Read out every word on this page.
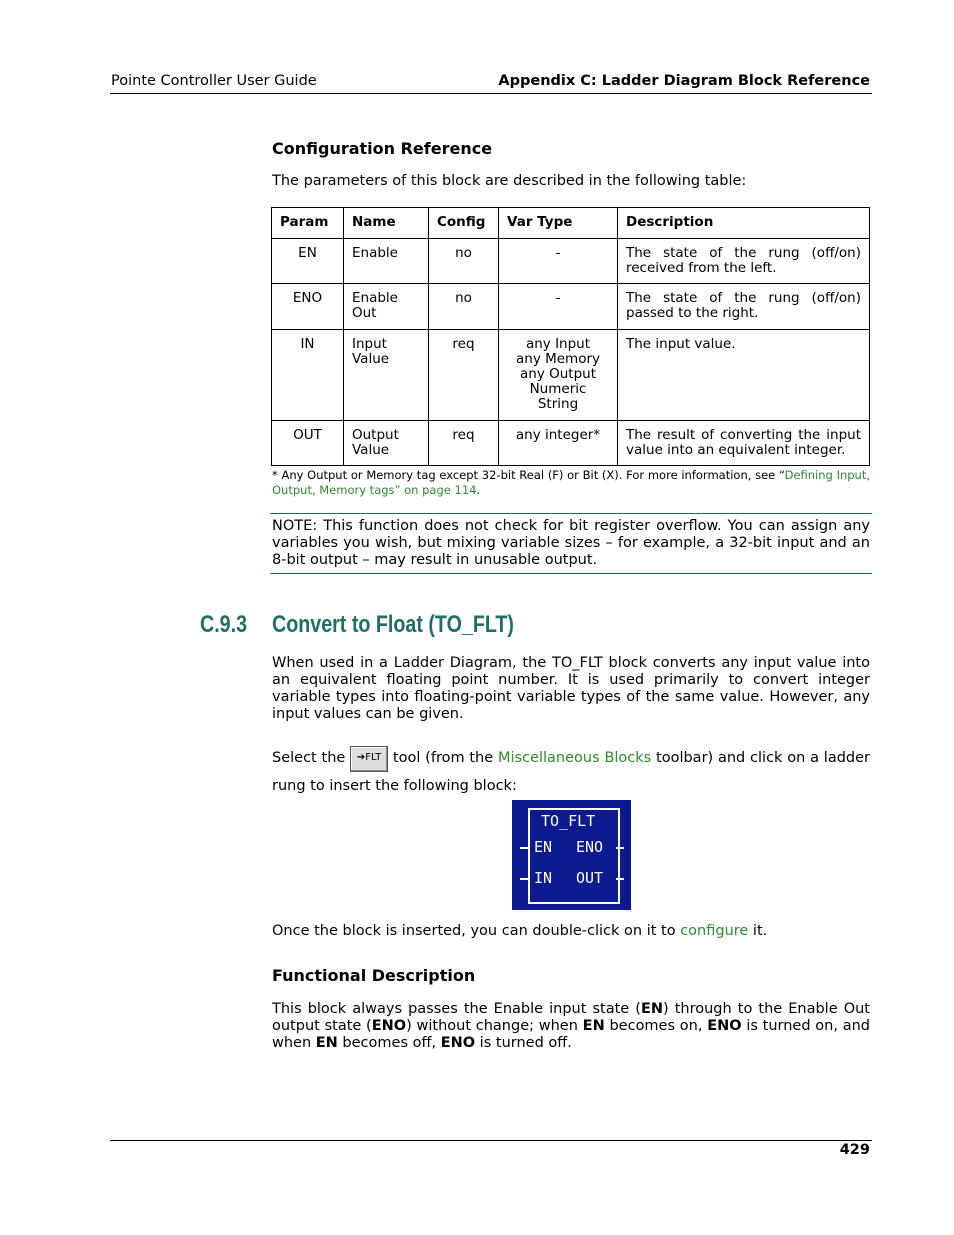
Pointe Controller User Guide	Appendix C: Ladder Diagram Block Reference
Configuration Reference
The parameters of this block are described in the following table:
Param	Name	Config	Var Type	Description
EN	Enable	no	-	The state of the rung (off/on) received from the left.
ENO	Enable Out	no	-	The state of the rung (off/on) passed to the right.
IN	Input Value	req	any Input any Memory any Output Numeric String	The input value.
OUT	Output Value	req	any integer*	The result of converting the input value into an equivalent integer.
* Any Output or Memory tag except 32-bit Real (F) or Bit (X). For more information, see “Defining Input, Output, Memory tags” on page 114.
NOTE: This function does not check for bit register overflow. You can assign any variables you wish, but mixing variable sizes – for example, a 32-bit input and an 8-bit output – may result in unusable output.
C.9.3 Convert to Float (TO_FLT)
When used in a Ladder Diagram, the TO_FLT block converts any input value into an equivalent floating point number. It is used primarily to convert integer variable types into floating-point variable types of the same value. However, any input values can be given.
Select the ➔FLT tool (from the Miscellaneous Blocks toolbar) and click on a ladder rung to insert the following block:
TO_FLT
EN ENO
IN OUT
Once the block is inserted, you can double-click on it to configure it.
Functional Description
This block always passes the Enable input state (EN) through to the Enable Out output state (ENO) without change; when EN becomes on, ENO is turned on, and when EN becomes off, ENO is turned off.
429
